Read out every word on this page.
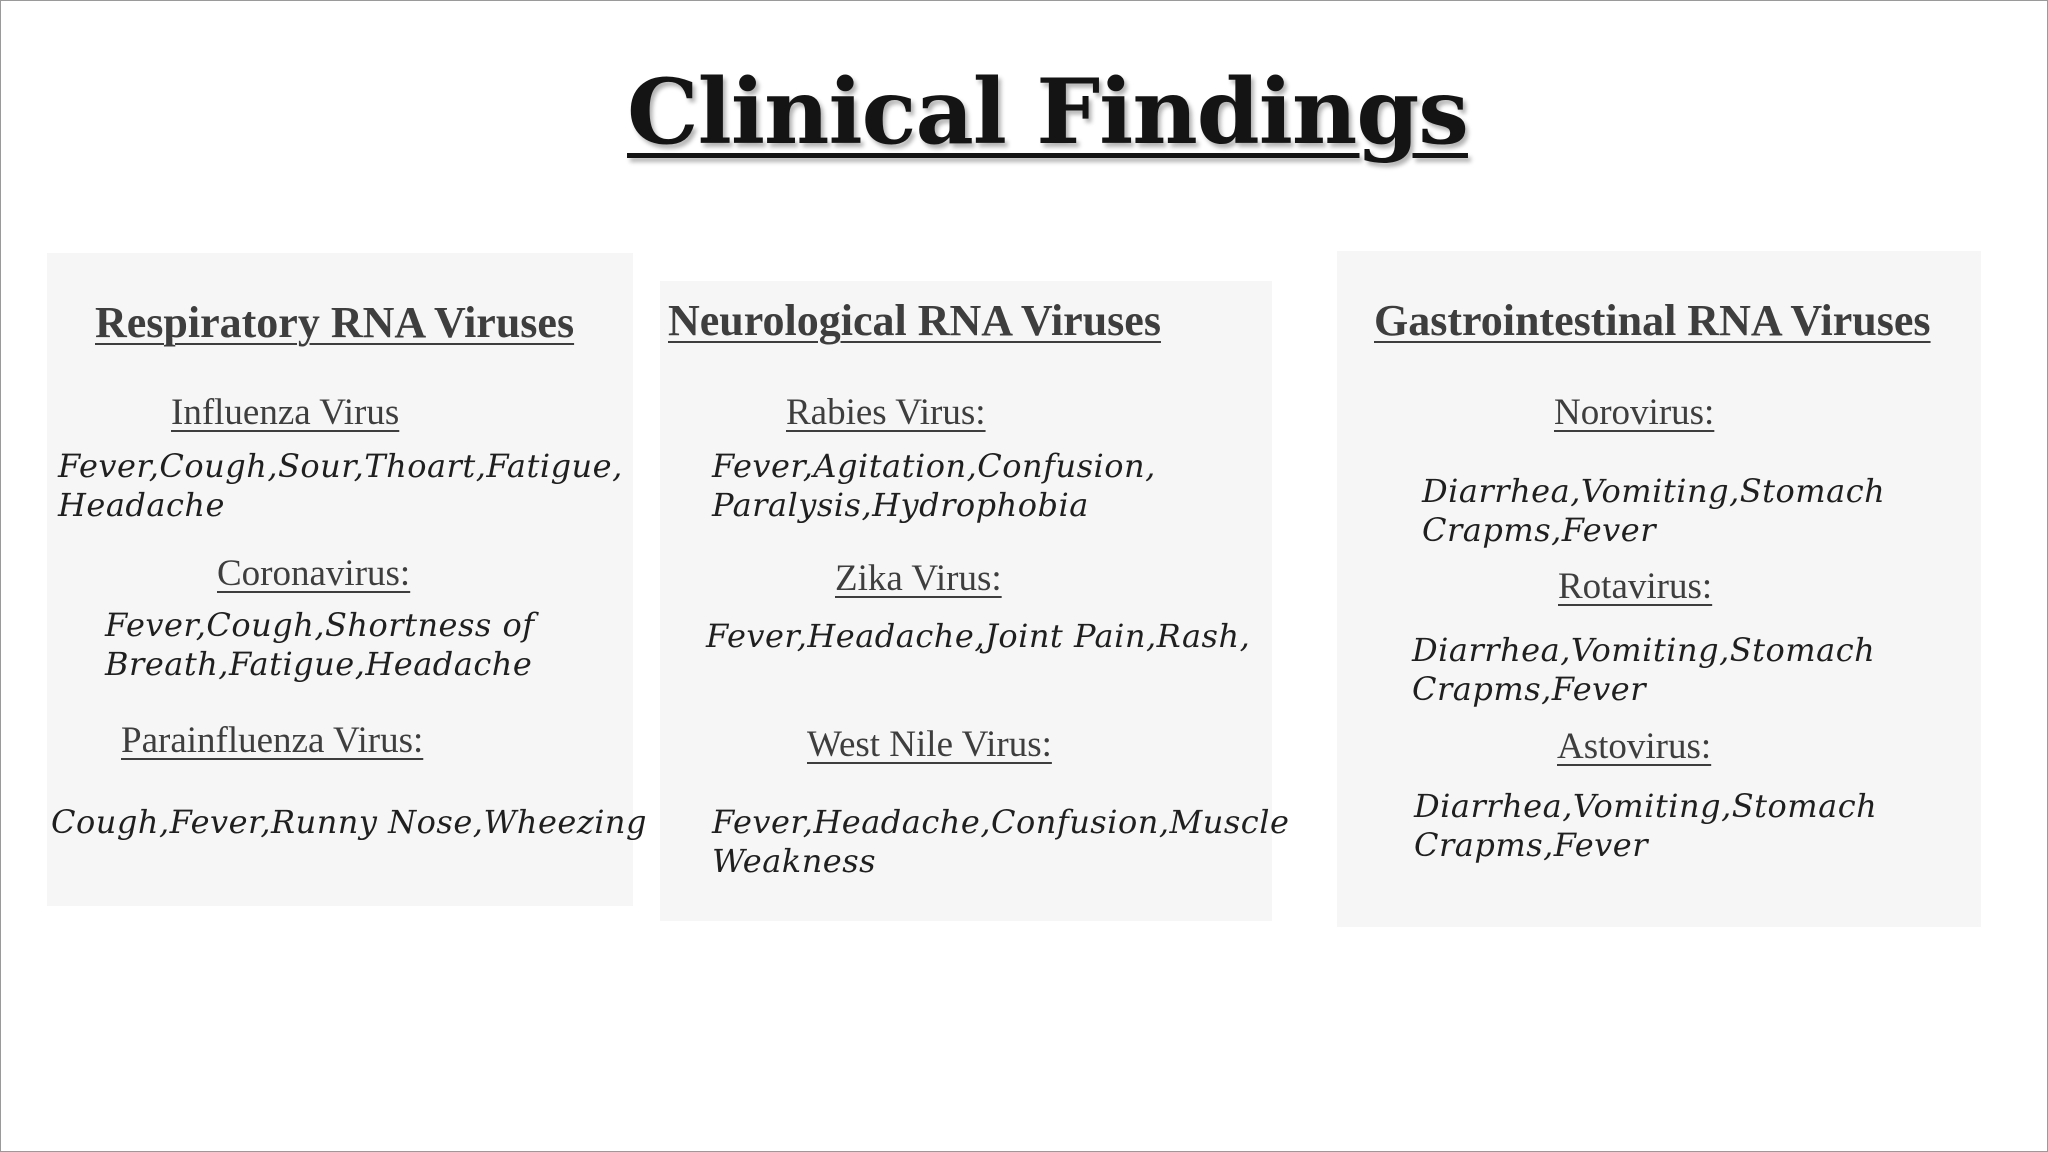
Clinical Findings
Respiratory RNA Viruses
Influenza Virus
Fever,Cough,Sour,Thoart,Fatigue,
Headache
Coronavirus:
Fever,Cough,Shortness of
Breath,Fatigue,Headache
Parainfluenza Virus:
Cough,Fever,Runny Nose,Wheezing
Neurological RNA Viruses
Rabies Virus:
Fever,Agitation,Confusion,
Paralysis,Hydrophobia
Zika Virus:
Fever,Headache,Joint Pain,Rash,
West Nile Virus:
Fever,Headache,Confusion,Muscle
Weakness
Gastrointestinal RNA Viruses
Norovirus:
Diarrhea,Vomiting,Stomach
Crapms,Fever
Rotavirus:
Diarrhea,Vomiting,Stomach
Crapms,Fever
Astovirus:
Diarrhea,Vomiting,Stomach
Crapms,Fever
